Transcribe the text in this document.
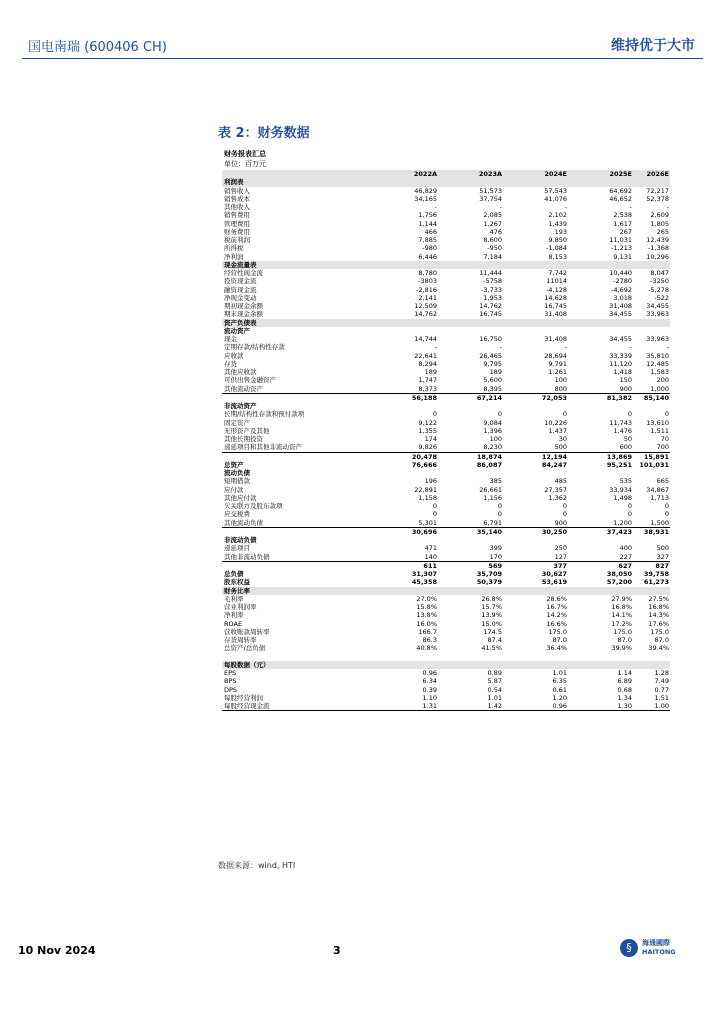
国电南瑞 (600406 CH)	维持优于大市
表 2：财务数据
财务报表汇总
单位：百万元
2022A	2023A	2024E	2025E	2026E
利润表
销售收入	46,829	51,573	57,543	64,692	72,217
销售成本	34,165	37,754	41,076	46,652	52,378
其他收入	-	-	-	-	-
销售费用	1,756	2,085	2,102	2,538	2,609
管理费用	1,144	1,267	1,439	1,617	1,805
财务费用	466	476	193	267	265
税前利润	7,885	8,600	9,850	11,031	12,439
所得税	-980	-950	-1,084	-1,213	-1,368
净利润	6,446	7,184	8,153	9,131	10,296
现金流量表
经营性现金流	8,780	11,444	7,742	10,440	8,047
投资现金流	-3803	-5758	11014	-2780	-3250
融资现金流	-2,816	-3,733	-4,128	-4,692	-5,278
净现金变动	2,141	1,953	14,628	3,018	-522
期初现金余额	12,509	14,762	16,745	31,408	34,455
期末现金余额	14,762	16,745	31,408	34,455	33,963
资产负债表
流动资产
现金	14,744	16,750	31,408	34,455	33,963
定期存款/结构性存款	-	-	-	-	-
应收款	22,641	26,465	28,694	33,339	35,810
存货	8,294	9,795	9,791	11,120	12,485
其他应收款	189	189	1,261	1,418	1,583
可供出售金融资产	1,747	5,600	100	150	200
其他流动资产	8,373	8,395	800	900	1,000
56,188	67,214	72,053	81,382	85,140
非流动资产
长期/结构性存款和预付款项	0	0	0	0	0
固定资产	9,122	9,084	10,226	11,743	13,610
无形资产及其他	1,355	1,396	1,437	1,476	1,511
其他长期投资	174	100	30	50	70
递延项目和其他非流动资产	9,826	8,230	500	600	700
20,478	18,874	12,194	13,869	15,891
总资产	76,666	86,087	84,247	95,251	101,031
流动负债
短期借款	196	385	485	535	665
应付款	22,891	26,661	27,357	33,934	34,867
其他应付款	1,158	1,156	1,362	1,498	1,713
欠关联方及股东款项	0	0	0	0	0
应交税费	0	0	0	0	0
其他流动负债	5,301	6,791	900	1,200	1,500
30,696	35,140	30,250	37,423	38,931
非流动负债
递延项目	471	399	250	400	500
其他非流动负债	140	170	127	227	327
611	569	377	627	827
总负债	31,307	35,709	30,627	38,050	39,758
股东权益	45,358	50,379	53,619	57,200	61,273
财务比率
毛利率	27.0%	26.8%	28.6%	27.9%	27.5%
营业利润率	15.8%	15.7%	16.7%	16.8%	16.8%
净利率	13.8%	13.9%	14.2%	14.1%	14.3%
ROAE	16.0%	15.0%	16.6%	17.2%	17.6%
营收账款周转率	166.7	174.5	175.0	175.0	175.0
存货周转率	86.3	87.4	87.0	87.0	87.0
总资产/总负债	40.8%	41.5%	36.4%	39.9%	39.4%
每股数据（元）
EPS	0.96	0.89	1.01	1.14	1.28
BPS	6.34	5.87	6.35	6.89	7.49
DPS	0.39	0.54	0.61	0.68	0.77
每股经营利润	1.10	1.01	1.20	1.34	1.51
每股经营现金流	1.31	1.42	0.96	1.30	1.00
数据来源：wind, HTI
10 Nov 2024	3	§	海通國際
HAITONG
